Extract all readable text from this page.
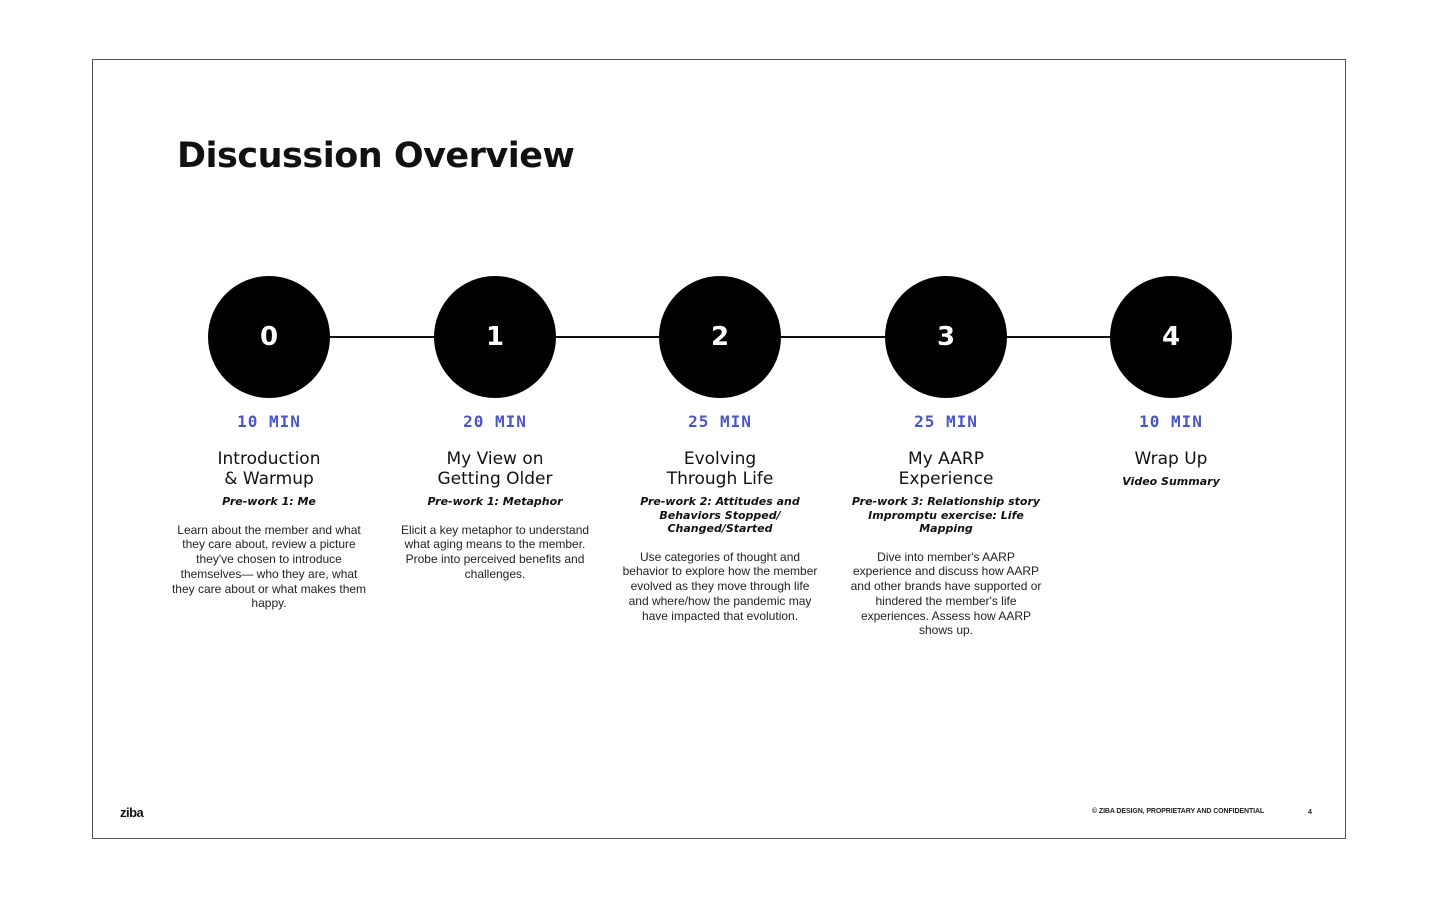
Discussion Overview
0
10 MIN
Introduction
& Warmup
Pre-work 1: Me
Learn about the member and what they care about, review a picture they've chosen to introduce themselves— who they are, what they care about or what makes them happy.
1
20 MIN
My View on
Getting Older
Pre-work 1: Metaphor
Elicit a key metaphor to understand what aging means to the member. Probe into perceived benefits and challenges.
2
25 MIN
Evolving
Through Life
Pre-work 2: Attitudes and
Behaviors Stopped/
Changed/Started
Use categories of thought and behavior to explore how the member evolved as they move through life and where/how the pandemic may have impacted that evolution.
3
25 MIN
My AARP
Experience
Pre-work 3: Relationship story
Impromptu exercise: Life
Mapping
Dive into member's AARP experience and discuss how AARP and other brands have supported or hindered the member's life experiences. Assess how AARP shows up.
4
10 MIN
Wrap Up
Video Summary
ziba	© ZIBA DESIGN, PROPRIETARY AND CONFIDENTIAL	4
